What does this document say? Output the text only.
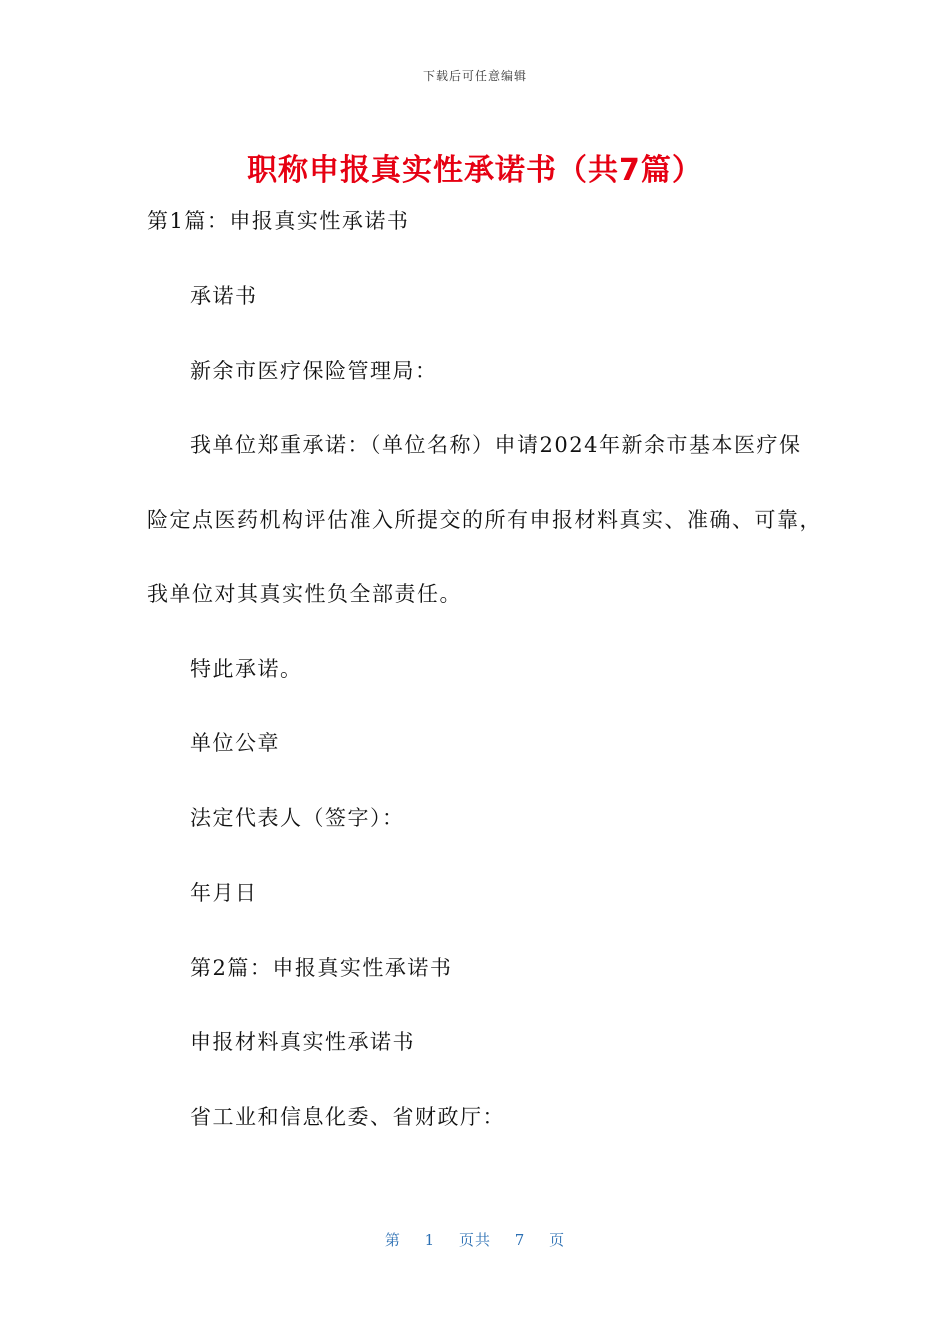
下载后可任意编辑
职称申报真实性承诺书（共7篇）
第1篇：申报真实性承诺书
承诺书
新余市医疗保险管理局：
我单位郑重承诺：（单位名称）申请2024年新余市基本医疗保
险定点医药机构评估准入所提交的所有申报材料真实、准确、可靠，
我单位对其真实性负全部责任。
特此承诺。
单位公章
法定代表人（签字）：
年月日
第2篇：申报真实性承诺书
申报材料真实性承诺书
省工业和信息化委、省财政厅：
第 1 页共 7 页
